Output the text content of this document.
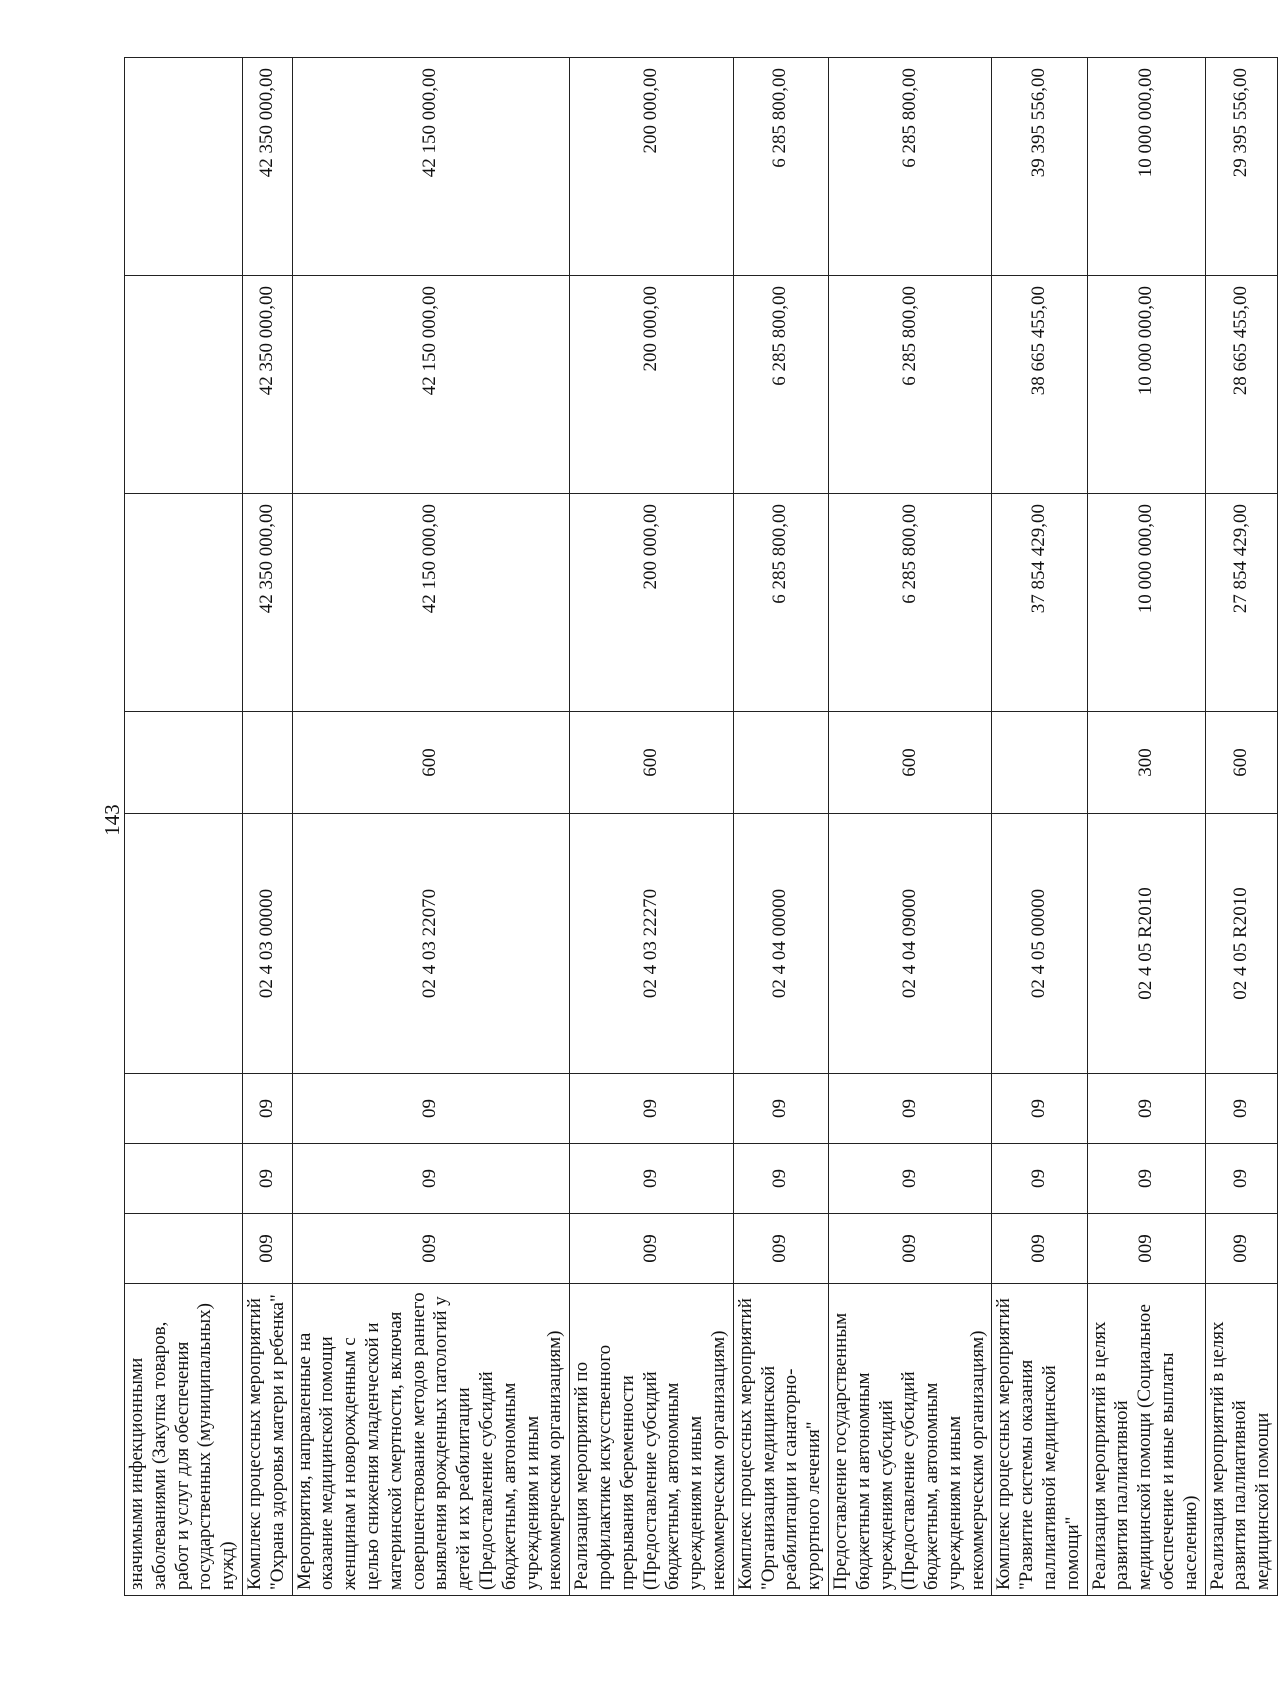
143
значимыми инфекционными заболеваниями (Закупка товаров, работ и услуг для обеспечения государственных (муниципальных) нужд)								
Комплекс процессных мероприятий "Охрана здоровья матери и ребенка"	009	09	09	02 4 03 00000		42 350 000,00	42 350 000,00	42 350 000,00
Мероприятия, направленные на оказание медицинской помощи женщинам и новорожденным с целью снижения младенческой и материнской смертности, включая совершенствование методов раннего выявления врожденных патологий у детей и их реабилитации (Предоставление субсидий бюджетным, автономным учреждениям и иным некоммерческим организациям)	009	09	09	02 4 03 22070	600	42 150 000,00	42 150 000,00	42 150 000,00
Реализация мероприятий по профилактике искусственного прерывания беременности (Предоставление субсидий бюджетным, автономным учреждениям и иным некоммерческим организациям)	009	09	09	02 4 03 22270	600	200 000,00	200 000,00	200 000,00
Комплекс процессных мероприятий "Организация медицинской реабилитации и санаторно-курортного лечения"	009	09	09	02 4 04 00000		6 285 800,00	6 285 800,00	6 285 800,00
Предоставление государственным бюджетным и автономным учреждениям субсидий (Предоставление субсидий бюджетным, автономным учреждениям и иным некоммерческим организациям)	009	09	09	02 4 04 09000	600	6 285 800,00	6 285 800,00	6 285 800,00
Комплекс процессных мероприятий "Развитие системы оказания паллиативной медицинской помощи"	009	09	09	02 4 05 00000		37 854 429,00	38 665 455,00	39 395 556,00
Реализация мероприятий в целях развития паллиативной медицинской помощи (Социальное обеспечение и иные выплаты населению)	009	09	09	02 4 05 R2010	300	10 000 000,00	10 000 000,00	10 000 000,00
Реализация мероприятий в целях развития паллиативной медицинской помощи	009	09	09	02 4 05 R2010	600	27 854 429,00	28 665 455,00	29 395 556,00
